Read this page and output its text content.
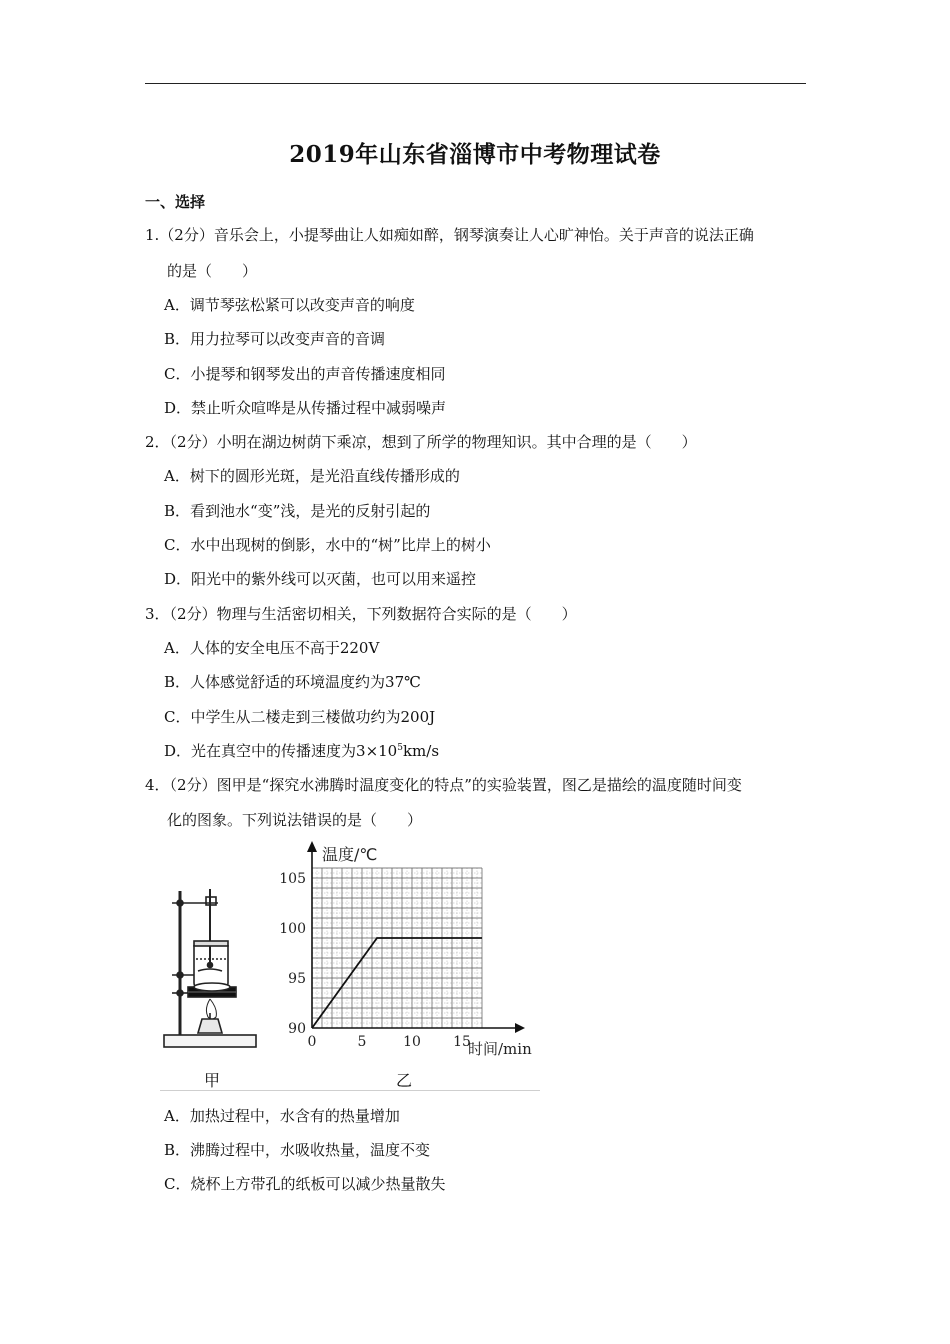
2019年山东省淄博市中考物理试卷
一、选择
1.（2分）音乐会上，小提琴曲让人如痴如醉，钢琴演奏让人心旷神怡。关于声音的说法正确
的是（　　）
A．调节琴弦松紧可以改变声音的响度
B．用力拉琴可以改变声音的音调
C．小提琴和钢琴发出的声音传播速度相同
D．禁止听众喧哗是从传播过程中减弱噪声
2．（2分）小明在湖边树荫下乘凉，想到了所学的物理知识。其中合理的是（　　）
A．树下的圆形光斑，是光沿直线传播形成的
B．看到池水“变”浅，是光的反射引起的
C．水中出现树的倒影，水中的“树”比岸上的树小
D．阳光中的紫外线可以灭菌，也可以用来遥控
3．（2分）物理与生活密切相关，下列数据符合实际的是（　　）
A．人体的安全电压不高于220V
B．人体感觉舒适的环境温度约为37℃
C．中学生从二楼走到三楼做功约为200J
D．光在真空中的传播速度为$3\times 10^5km/s$
4．（2分）图甲是“探究水沸腾时温度变化的特点”的实验装置，图乙是描绘的温度随时间变
化的图象。下列说法错误的是（　　）
0	5	10 15
90
95
100
105
温度/℃
时间/min
甲	乙
A．加热过程中，水含有的热量增加
B．沸腾过程中，水吸收热量，温度不变
C．烧杯上方带孔的纸板可以减少热量散失
